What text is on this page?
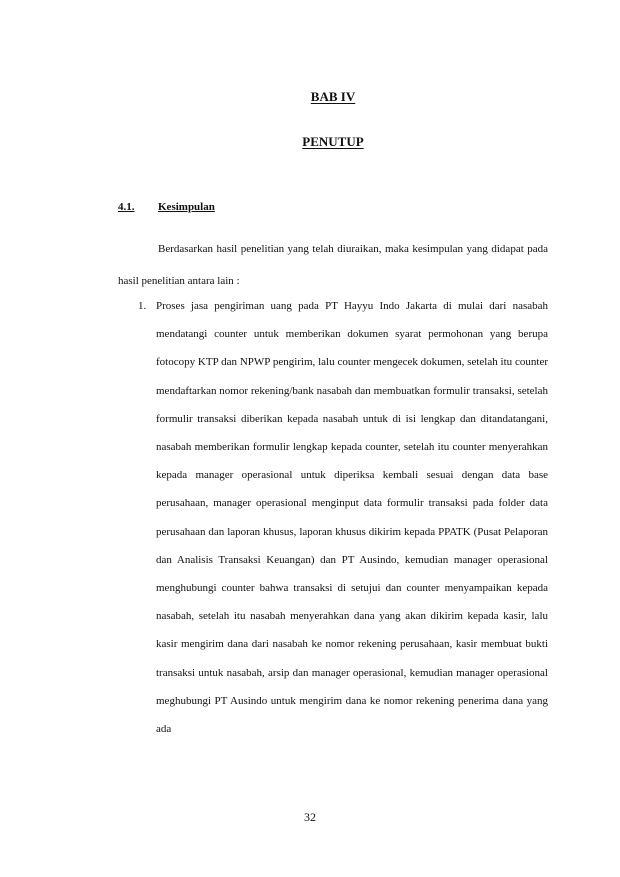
BAB IV
PENUTUP
4.1. Kesimpulan

Berdasarkan hasil penelitian yang telah diuraikan, maka kesimpulan yang didapat pada hasil penelitian antara lain :

1. Proses jasa pengiriman uang pada PT Hayyu Indo Jakarta di mulai dari nasabah mendatangi counter untuk memberikan dokumen syarat permohonan yang berupa fotocopy KTP dan NPWP pengirim, lalu counter mengecek dokumen, setelah itu counter mendaftarkan nomor rekening/bank nasabah dan membuatkan formulir transaksi, setelah formulir transaksi diberikan kepada nasabah untuk di isi lengkap dan ditandatangani, nasabah memberikan formulir lengkap kepada counter, setelah itu counter menyerahkan kepada manager operasional untuk diperiksa kembali sesuai dengan data base perusahaan, manager operasional menginput data formulir transaksi pada folder data perusahaan dan laporan khusus, laporan khusus dikirim kepada PPATK (Pusat Pelaporan dan Analisis Transaksi Keuangan) dan PT Ausindo, kemudian manager operasional menghubungi counter bahwa transaksi di setujui dan counter menyampaikan kepada nasabah, setelah itu nasabah menyerahkan dana yang akan dikirim kepada kasir, lalu kasir mengirim dana dari nasabah ke nomor rekening perusahaan, kasir membuat bukti transaksi untuk nasabah, arsip dan manager operasional, kemudian manager operasional meghubungi PT Ausindo untuk mengirim dana ke nomor rekening penerima dana yang ada
32
